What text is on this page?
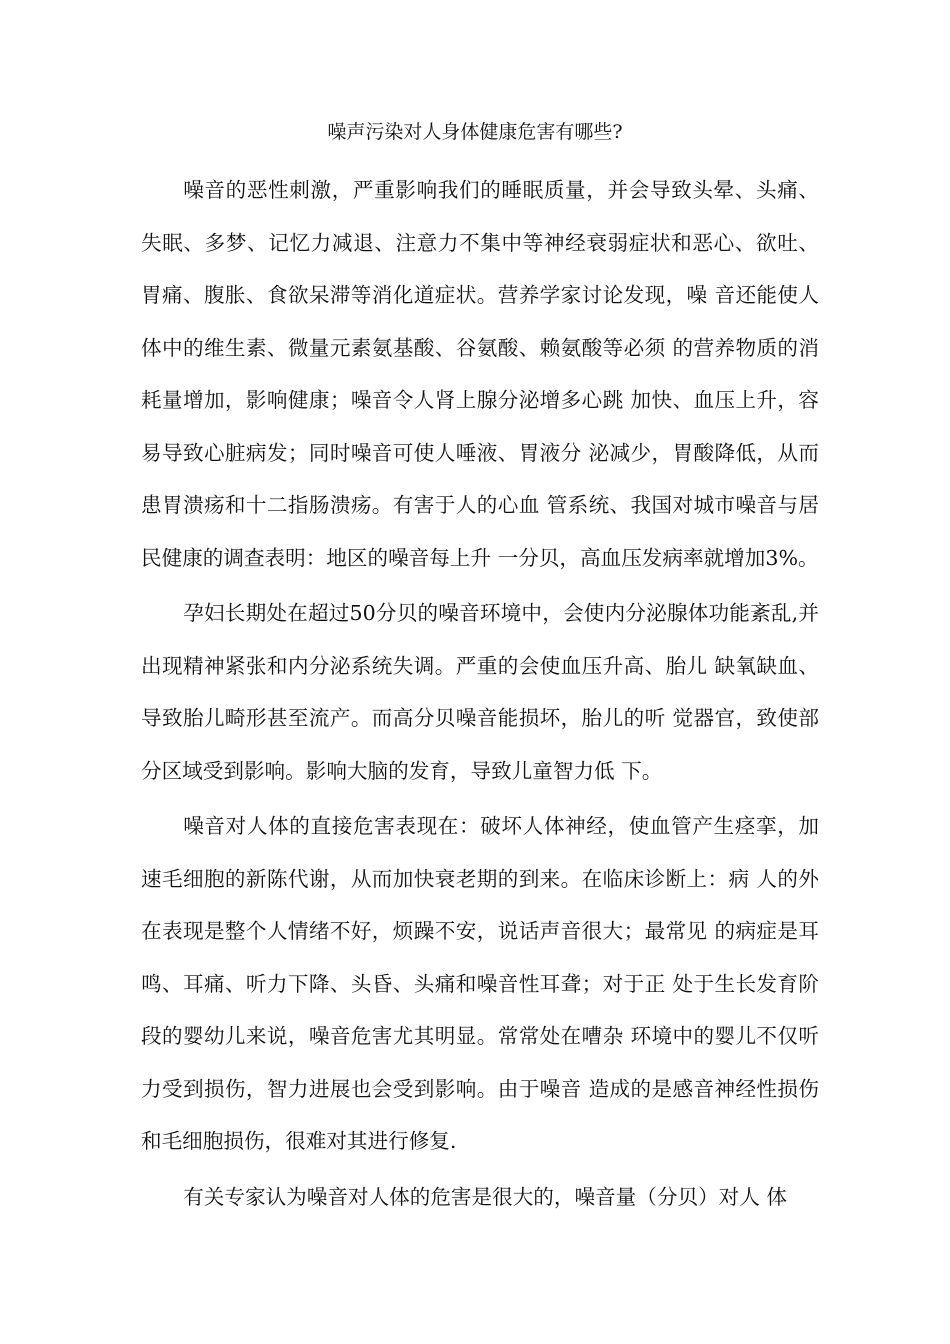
噪声污染对人身体健康危害有哪些?

噪音的恶性刺激，严重影响我们的睡眠质量，并会导致头晕、头痛、失眠、多梦、记忆力减退、注意力不集中等神经衰弱症状和恶心、欲吐、胃痛、腹胀、食欲呆滞等消化道症状。营养学家讨论发现，噪 音还能使人体中的维生素、微量元素氨基酸、谷氨酸、赖氨酸等必须 的营养物质的消耗量增加，影响健康；噪音令人肾上腺分泌增多心跳 加快、血压上升，容易导致心脏病发；同时噪音可使人唾液、胃液分 泌减少，胃酸降低，从而患胃溃疡和十二指肠溃疡。有害于人的心血 管系统、我国对城市噪音与居民健康的调查表明：地区的噪音每上升 一分贝，高血压发病率就增加3%。

孕妇长期处在超过50分贝的噪音环境中，会使内分泌腺体功能紊乱,并出现精神紧张和内分泌系统失调。严重的会使血压升高、胎儿 缺氧缺血、导致胎儿畸形甚至流产。而高分贝噪音能损坏，胎儿的听 觉器官，致使部分区域受到影响。影响大脑的发育，导致儿童智力低 下。

噪音对人体的直接危害表现在：破坏人体神经，使血管产生痉挛，加速毛细胞的新陈代谢，从而加快衰老期的到来。在临床诊断上：病 人的外在表现是整个人情绪不好，烦躁不安，说话声音很大；最常见 的病症是耳鸣、耳痛、听力下降、头昏、头痛和噪音性耳聋；对于正 处于生长发育阶段的婴幼儿来说，噪音危害尤其明显。常常处在嘈杂 环境中的婴儿不仅听力受到损伤，智力进展也会受到影响。由于噪音 造成的是感音神经性损伤和毛细胞损伤，很难对其进行修复.

有关专家认为噪音对人体的危害是很大的，噪音量（分贝）对人 体
